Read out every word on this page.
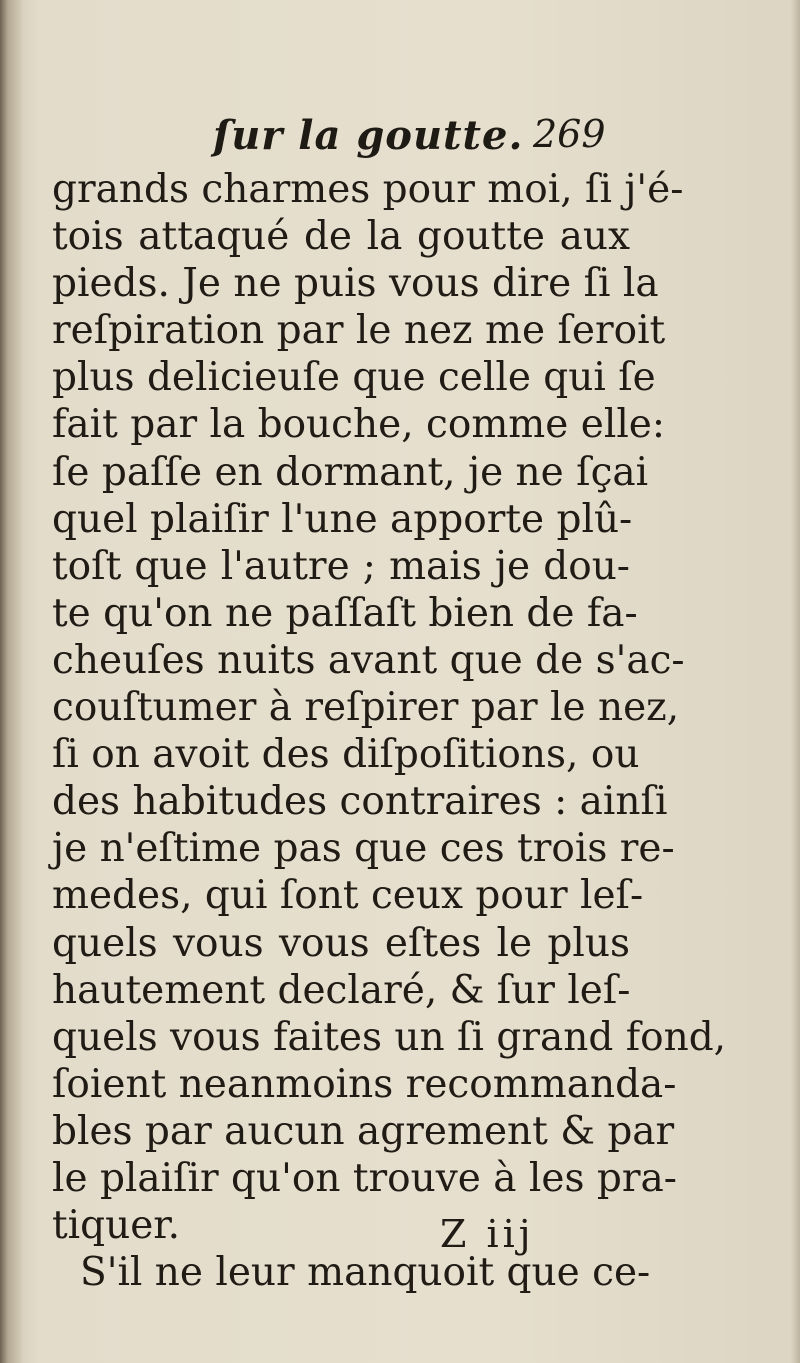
ſur la goutte. 269
grands charmes pour moi, ſi j'é-
tois attaqué de la goutte aux
pieds. Je ne puis vous dire ſi la
reſpiration par le nez me ſeroit
plus delicieuſe que celle qui ſe
fait par la bouche, comme elle:
ſe paſſe en dormant, je ne ſçai
quel plaiſir l'une apporte plû-
toſt que l'autre ; mais je dou-
te qu'on ne paſſaſt bien de fa-
cheuſes nuits avant que de s'ac-
couſtumer à reſpirer par le nez,
ſi on avoit des diſpoſitions, ou
des habitudes contraires : ainſi
je n'eſtime pas que ces trois re-
medes, qui ſont ceux pour leſ-
quels vous vous eſtes le plus
hautement declaré, & ſur leſ-
quels vous faites un ſi grand fond,
ſoient neanmoins recommanda-
bles par aucun agrement & par
le plaiſir qu'on trouve à les pra-
tiquer.
S'il ne leur manquoit que ce-
Z iij
